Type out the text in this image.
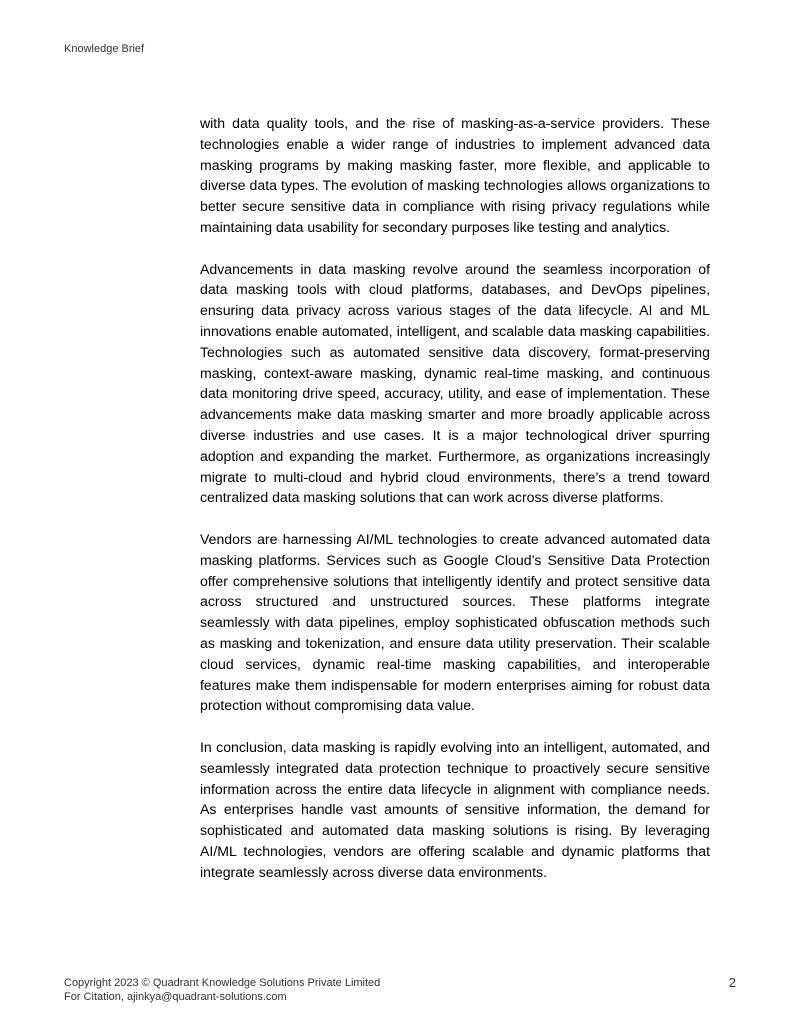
Knowledge Brief

with data quality tools, and the rise of masking-as-a-service providers. These technologies enable a wider range of industries to implement advanced data masking programs by making masking faster, more flexible, and applicable to diverse data types. The evolution of masking technologies allows organizations to better secure sensitive data in compliance with rising privacy regulations while maintaining data usability for secondary purposes like testing and analytics.

Advancements in data masking revolve around the seamless incorporation of data masking tools with cloud platforms, databases, and DevOps pipelines, ensuring data privacy across various stages of the data lifecycle. AI and ML innovations enable automated, intelligent, and scalable data masking capabilities. Technologies such as automated sensitive data discovery, format-preserving masking, context-aware masking, dynamic real-time masking, and continuous data monitoring drive speed, accuracy, utility, and ease of implementation. These advancements make data masking smarter and more broadly applicable across diverse industries and use cases. It is a major technological driver spurring adoption and expanding the market. Furthermore, as organizations increasingly migrate to multi-cloud and hybrid cloud environments, there’s a trend toward centralized data masking solutions that can work across diverse platforms.

Vendors are harnessing AI/ML technologies to create advanced automated data masking platforms. Services such as Google Cloud’s Sensitive Data Protection offer comprehensive solutions that intelligently identify and protect sensitive data across structured and unstructured sources. These platforms integrate seamlessly with data pipelines, employ sophisticated obfuscation methods such as masking and tokenization, and ensure data utility preservation. Their scalable cloud services, dynamic real-time masking capabilities, and interoperable features make them indispensable for modern enterprises aiming for robust data protection without compromising data value.

In conclusion, data masking is rapidly evolving into an intelligent, automated, and seamlessly integrated data protection technique to proactively secure sensitive information across the entire data lifecycle in alignment with compliance needs. As enterprises handle vast amounts of sensitive information, the demand for sophisticated and automated data masking solutions is rising. By leveraging AI/ML technologies, vendors are offering scalable and dynamic platforms that integrate seamlessly across diverse data environments.

Copyright 2023 © Quadrant Knowledge Solutions Private Limited
For Citation, ajinkya@quadrant-solutions.com
2
